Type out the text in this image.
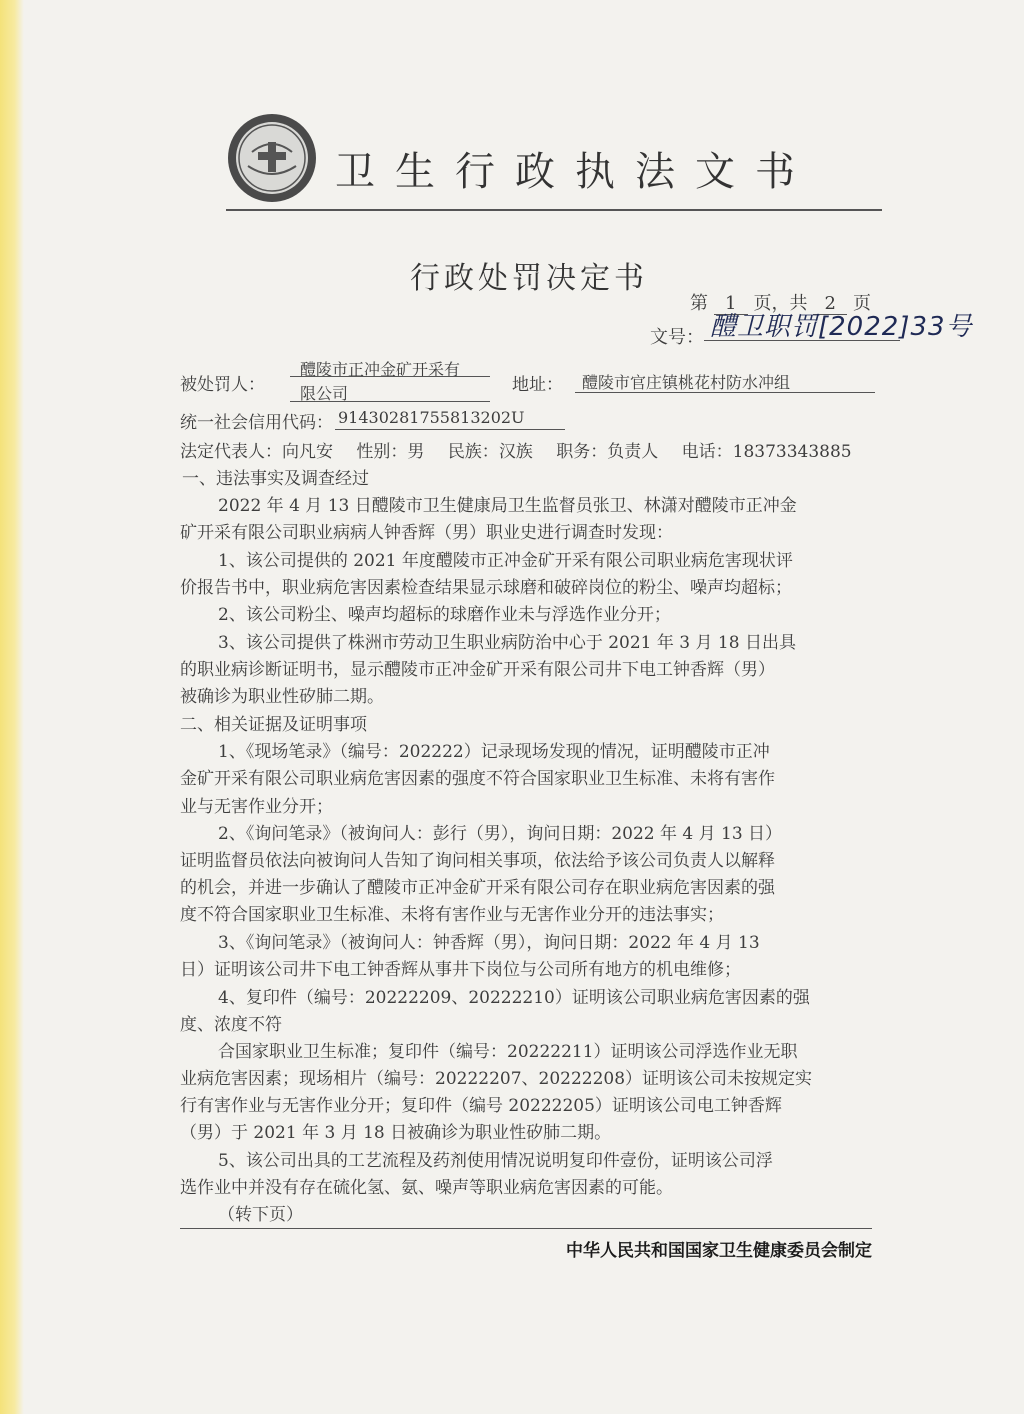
卫生行政执法文书
行政处罚决定书
第 1 页，共 2 页
文号： 醴卫职罚[2022]33号
被处罚人：
醴陵市正冲金矿开采有
限公司	地址： 醴陵市官庄镇桃花村防水冲组
统一社会信用代码： 91430281755813202U
法定代表人：向凡安 性别：男 民族：汉族 职务：负责人 电话：18373343885
一、违法事实及调查经过
2022 年 4 月 13 日醴陵市卫生健康局卫生监督员张卫、林潇对醴陵市正冲金
矿开采有限公司职业病病人钟香辉（男）职业史进行调查时发现：
1、该公司提供的 2021 年度醴陵市正冲金矿开采有限公司职业病危害现状评
价报告书中，职业病危害因素检查结果显示球磨和破碎岗位的粉尘、噪声均超标；
2、该公司粉尘、噪声均超标的球磨作业未与浮选作业分开；
3、该公司提供了株洲市劳动卫生职业病防治中心于 2021 年 3 月 18 日出具
的职业病诊断证明书，显示醴陵市正冲金矿开采有限公司井下电工钟香辉（男）
被确诊为职业性矽肺二期。
二、相关证据及证明事项
1、《现场笔录》（编号：202222）记录现场发现的情况，证明醴陵市正冲
金矿开采有限公司职业病危害因素的强度不符合国家职业卫生标准、未将有害作
业与无害作业分开；
2、《询问笔录》（被询问人：彭行（男），询问日期：2022 年 4 月 13 日）
证明监督员依法向被询问人告知了询问相关事项，依法给予该公司负责人以解释
的机会，并进一步确认了醴陵市正冲金矿开采有限公司存在职业病危害因素的强
度不符合国家职业卫生标准、未将有害作业与无害作业分开的违法事实；
3、《询问笔录》（被询问人：钟香辉（男），询问日期：2022 年 4 月 13
日）证明该公司井下电工钟香辉从事井下岗位与公司所有地方的机电维修；
4、复印件（编号：20222209、20222210）证明该公司职业病危害因素的强
度、浓度不符
合国家职业卫生标准；复印件（编号：20222211）证明该公司浮选作业无职
业病危害因素；现场相片（编号：20222207、20222208）证明该公司未按规定实
行有害作业与无害作业分开；复印件（编号 20222205）证明该公司电工钟香辉
（男）于 2021 年 3 月 18 日被确诊为职业性矽肺二期。
5、该公司出具的工艺流程及药剂使用情况说明复印件壹份，证明该公司浮
选作业中并没有存在硫化氢、氨、噪声等职业病危害因素的可能。
（转下页）
中华人民共和国国家卫生健康委员会制定
